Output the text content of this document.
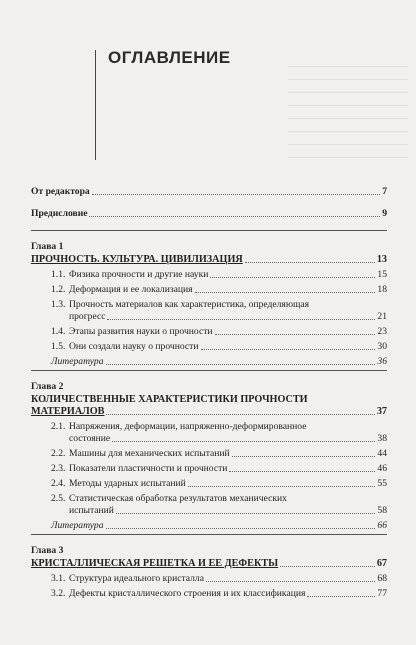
ОГЛАВЛЕНИЕ
От редактора	7
Предисловие	9
Глава 1
ПРОЧНОСТЬ. КУЛЬТУРА. ЦИВИЛИЗАЦИЯ	13
1.1. Физика прочности и другие науки	15
1.2. Деформация и ее локализация	18
1.3. Прочность материалов как характеристика, определяющая
прогресс	21
1.4. Этапы развития науки о прочности	23
1.5. Они создали науку о прочности	30
Литература	36
Глава 2
КОЛИЧЕСТВЕННЫЕ ХАРАКТЕРИСТИКИ ПРОЧНОСТИ
МАТЕРИАЛОВ	37
2.1. Напряжения, деформации, напряженно-деформированное
состояние	38
2.2. Машины для механических испытаний	44
2.3. Показатели пластичности и прочности	46
2.4. Методы ударных испытаний	55
2.5. Статистическая обработка результатов механических
испытаний	58
Литература	66
Глава 3
КРИСТАЛЛИЧЕСКАЯ РЕШЕТКА И ЕЕ ДЕФЕКТЫ	67
3.1. Структура идеального кристалла	68
3.2. Дефекты кристаллического строения и их классификация	77
